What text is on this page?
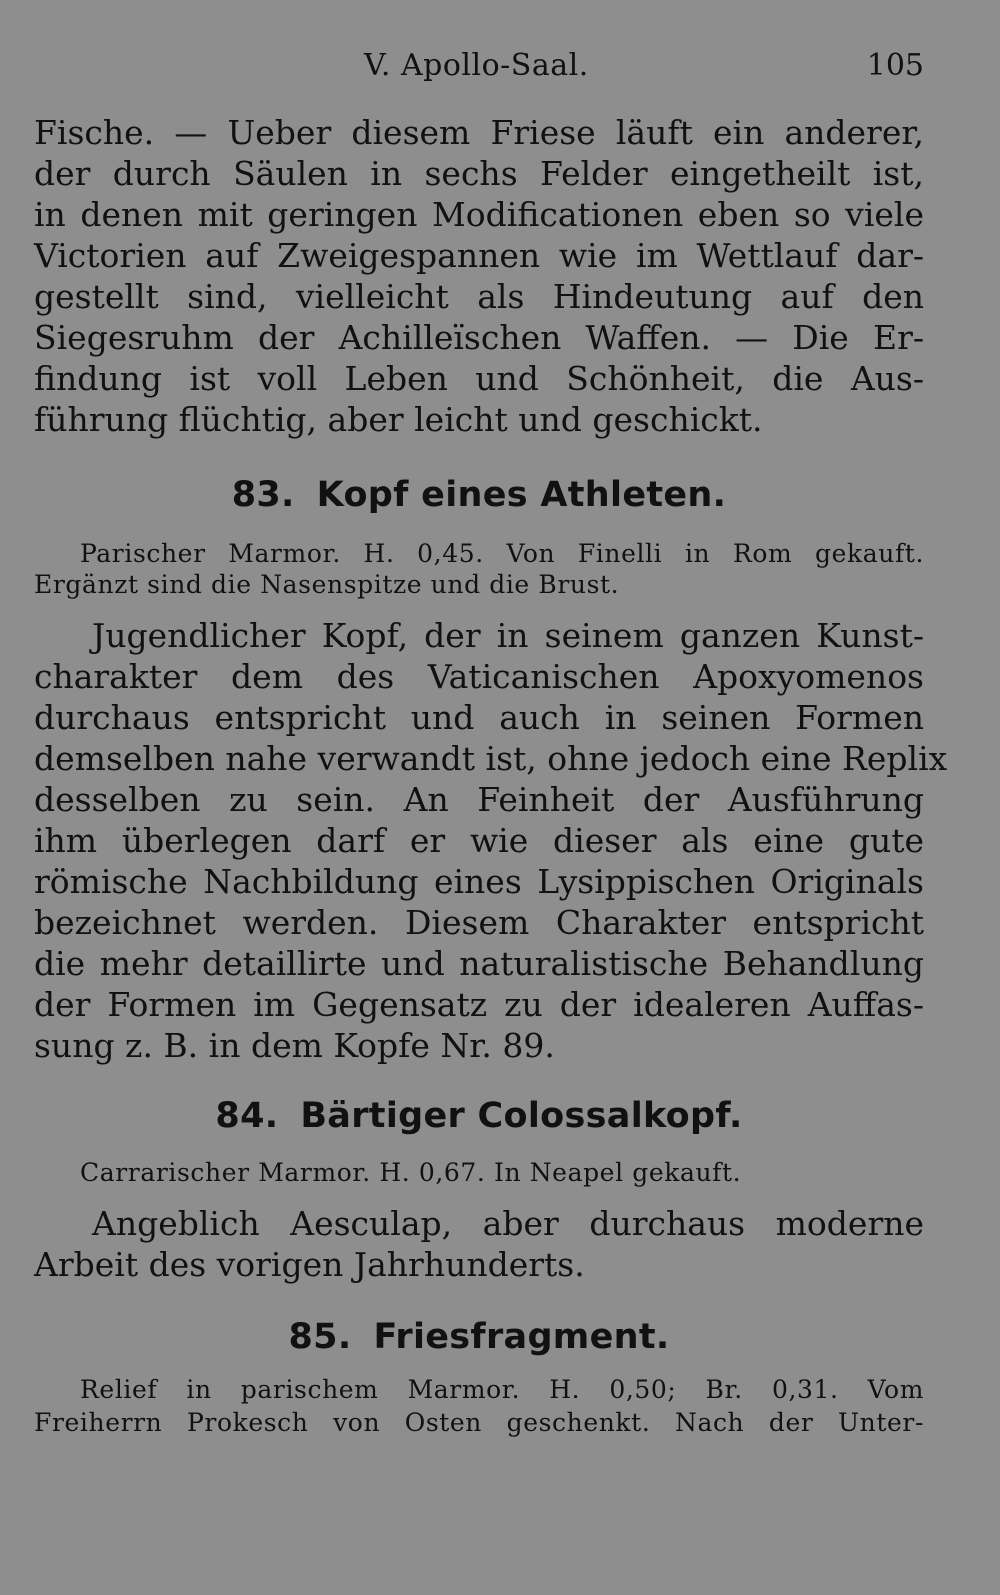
V. Apollo-Saal.	105

Fische. — Ueber diesem Friese läuft ein anderer,
der durch Säulen in sechs Felder eingetheilt ist,
in denen mit geringen Modificationen eben so viele
Victorien auf Zweigespannen wie im Wettlauf dar-
gestellt sind, vielleicht als Hindeutung auf den
Siegesruhm der Achilleïschen Waffen. — Die Er-
findung ist voll Leben und Schönheit, die Aus-
führung flüchtig, aber leicht und geschickt.

83. Kopf eines Athleten.
Parischer Marmor. H. 0,45. Von Finelli in Rom gekauft.
Ergänzt sind die Nasenspitze und die Brust.

Jugendlicher Kopf, der in seinem ganzen Kunst-
charakter dem des Vaticanischen Apoxyomenos
durchaus entspricht und auch in seinen Formen
demselben nahe verwandt ist, ohne jedoch eine Replix
desselben zu sein. An Feinheit der Ausführung
ihm überlegen darf er wie dieser als eine gute
römische Nachbildung eines Lysippischen Originals
bezeichnet werden. Diesem Charakter entspricht
die mehr detaillirte und naturalistische Behandlung
der Formen im Gegensatz zu der idealeren Auffas-
sung z. B. in dem Kopfe Nr. 89.

84. Bärtiger Colossalkopf.
Carrarischer Marmor. H. 0,67. In Neapel gekauft.

Angeblich Aesculap, aber durchaus moderne
Arbeit des vorigen Jahrhunderts.

85. Friesfragment.
Relief in parischem Marmor. H. 0,50; Br. 0,31. Vom
Freiherrn Prokesch von Osten geschenkt. Nach der Unter-
